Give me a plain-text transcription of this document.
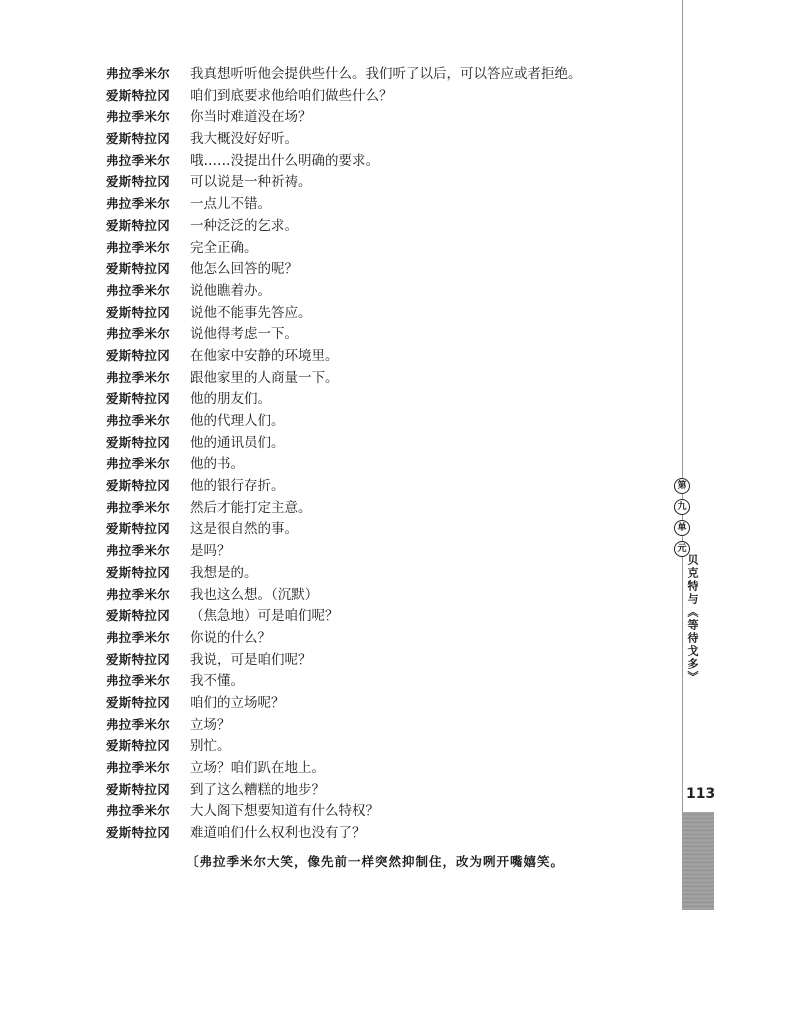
弗拉季米尔	我真想听听他会提供些什么。我们听了以后，可以答应或者拒绝。
爱斯特拉冈	咱们到底要求他给咱们做些什么？
弗拉季米尔	你当时难道没在场？
爱斯特拉冈	我大概没好好听。
弗拉季米尔	哦……没提出什么明确的要求。
爱斯特拉冈	可以说是一种祈祷。
弗拉季米尔	一点儿不错。
爱斯特拉冈	一种泛泛的乞求。
弗拉季米尔	完全正确。
爱斯特拉冈	他怎么回答的呢？
弗拉季米尔	说他瞧着办。
爱斯特拉冈	说他不能事先答应。
弗拉季米尔	说他得考虑一下。
爱斯特拉冈	在他家中安静的环境里。
弗拉季米尔	跟他家里的人商量一下。
爱斯特拉冈	他的朋友们。
弗拉季米尔	他的代理人们。
爱斯特拉冈	他的通讯员们。
弗拉季米尔	他的书。
爱斯特拉冈	他的银行存折。
弗拉季米尔	然后才能打定主意。
爱斯特拉冈	这是很自然的事。
弗拉季米尔	是吗？
爱斯特拉冈	我想是的。
弗拉季米尔	我也这么想。（沉默）
爱斯特拉冈	（焦急地）可是咱们呢？
弗拉季米尔	你说的什么？
爱斯特拉冈	我说，可是咱们呢？
弗拉季米尔	我不懂。
爱斯特拉冈	咱们的立场呢？
弗拉季米尔	立场？
爱斯特拉冈	别忙。
弗拉季米尔	立场？咱们趴在地上。
爱斯特拉冈	到了这么糟糕的地步？
弗拉季米尔	大人阁下想要知道有什么特权？
爱斯特拉冈	难道咱们什么权利也没有了？
〔弗拉季米尔大笑，像先前一样突然抑制住，改为咧开嘴嬉笑。
第
九
单
元
贝克特与《等待戈多》
113
